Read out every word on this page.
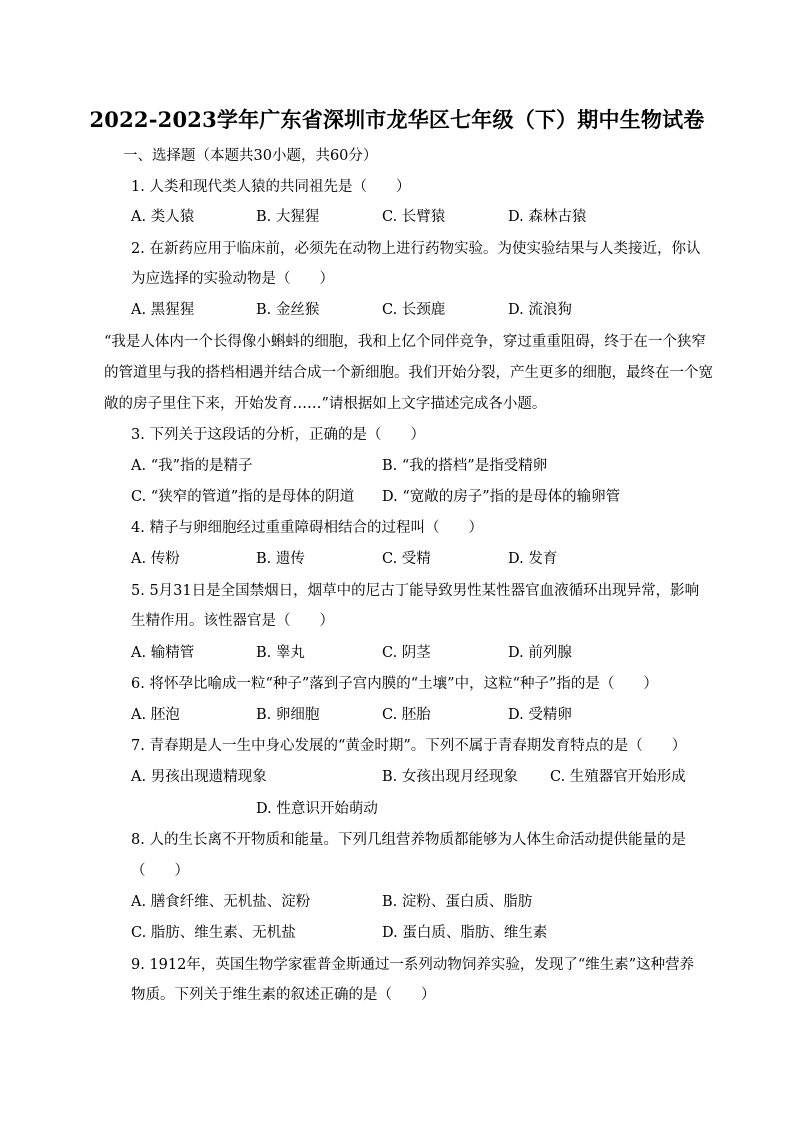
2022-2023学年广东省深圳市龙华区七年级（下）期中生物试卷
一、选择题（本题共30小题，共60分）
1. 人类和现代类人猿的共同祖先是（　　）
A. 类人猿	B. 大猩猩	C. 长臂猿	D. 森林古猿
2. 在新药应用于临床前，必须先在动物上进行药物实验。为使实验结果与人类接近，你认
为应选择的实验动物是（　　）
A. 黑猩猩	B. 金丝猴	C. 长颈鹿	D. 流浪狗
“我是人体内一个长得像小蝌蚪的细胞，我和上亿个同伴竞争，穿过重重阻碍，终于在一个狭窄
的管道里与我的搭档相遇并结合成一个新细胞。我们开始分裂，产生更多的细胞，最终在一个宽
敞的房子里住下来，开始发育……”请根据如上文字描述完成各小题。
3. 下列关于这段话的分析，正确的是（　　）
A. “我”指的是精子	B. “我的搭档”是指受精卵
C. “狭窄的管道”指的是母体的阴道 D. “宽敞的房子”指的是母体的输卵管
4. 精子与卵细胞经过重重障碍相结合的过程叫（　　）
A. 传粉	B. 遗传	C. 受精	D. 发育
5. 5月31日是全国禁烟日，烟草中的尼古丁能导致男性某性器官血液循环出现异常，影响
生精作用。该性器官是（　　）
A. 输精管	B. 睾丸	C. 阴茎	D. 前列腺
6. 将怀孕比喻成一粒“种子”落到子宫内膜的“土壤”中，这粒“种子”指的是（　　）
A. 胚泡	B. 卵细胞	C. 胚胎	D. 受精卵
7. 青春期是人一生中身心发展的“黄金时期”。下列不属于青春期发育特点的是（　　）
A. 男孩出现遗精现象	B. 女孩出现月经现象 C. 生殖器官开始形成
D. 性意识开始萌动
8. 人的生长离不开物质和能量。下列几组营养物质都能够为人体生命活动提供能量的是
（　　）
A. 膳食纤维、无机盐、淀粉	B. 淀粉、蛋白质、脂肪
C. 脂肪、维生素、无机盐	D. 蛋白质、脂肪、维生素
9. 1912年，英国生物学家霍普金斯通过一系列动物饲养实验，发现了“维生素”这种营养
物质。下列关于维生素的叙述正确的是（　　）
